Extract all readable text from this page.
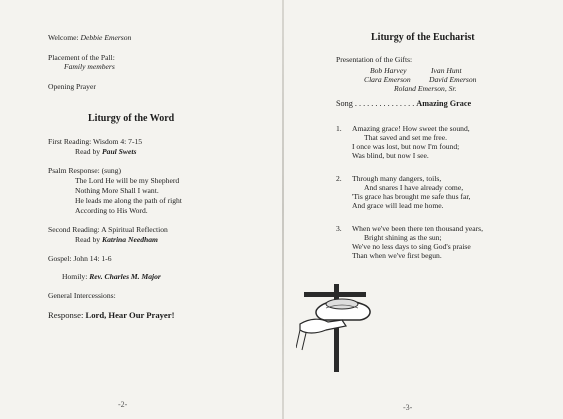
Welcome: Debbie Emerson
Placement of the Pall:
Family members
Opening Prayer
Liturgy of the Word
First Reading: Wisdom 4: 7-15
Read by Paul Swets
Psalm Response: (sung)
The Lord He will be my Shepherd
Nothing More Shall I want.
He leads me along the path of right
According to His Word.
Second Reading: A Spiritual Reflection
Read by Katrina Needham
Gospel: John 14: 1-6
Homily: Rev. Charles M. Major
General Intercessions:
Response: Lord, Hear Our Prayer!
-2-
Liturgy of the Eucharist
Presentation of the Gifts:
Bob Harvey	Ivan Hunt
Clara Emerson David Emerson
Roland Emerson, Sr.
Song . . . . . . . . . . . . . . . Amazing Grace
1. Amazing grace! How sweet the sound,
That saved and set me free.
I once was lost, but now I'm found;
Was blind, but now I see.
2. Through many dangers, toils,
And snares I have already come,
'Tis grace has brought me safe thus far,
And grace will lead me home.
3. When we've been there ten thousand years,
Bright shining as the sun;
We've no less days to sing God's praise
Than when we've first begun.
-3-
